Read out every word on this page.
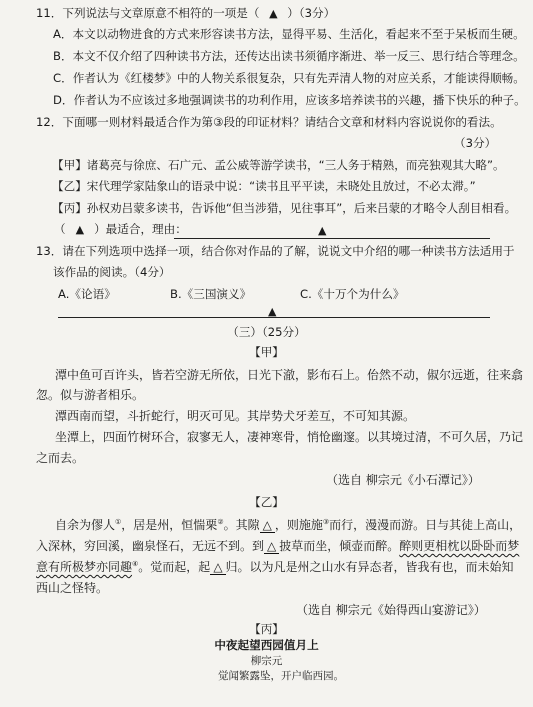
11．下列说法与文章原意不相符的一项是（ ▲ ）（3分）
A．本文以动物进食的方式来形容读书方法，显得平易、生活化，看起来不至于呆板而生硬。
B．本文不仅介绍了四种读书方法，还传达出读书须循序渐进、举一反三、思行结合等理念。
C．作者认为《红楼梦》中的人物关系很复杂，只有先弄清人物的对应关系，才能读得顺畅。
D．作者认为不应该过多地强调读书的功利作用，应该多培养读书的兴趣，播下快乐的种子。
12．下面哪一则材料最适合作为第③段的印证材料？请结合文章和材料内容说说你的看法。
（3分）
【甲】诸葛亮与徐庶、石广元、孟公威等游学读书，“三人务于精熟，而亮独观其大略”。
【乙】宋代理学家陆象山的语录中说：“读书且平平读，未晓处且放过，不必太滞。”
【丙】孙权劝吕蒙多读书，告诉他“但当涉猎，见往事耳”，后来吕蒙的才略令人刮目相看。
（ ▲ ）最适合，理由：	▲
13．请在下列选项中选择一项，结合你对作品的了解，说说文中介绍的哪一种读书方法适用于
该作品的阅读。（4分）
A.《论语》	B.《三国演义》	C.《十万个为什么》
▲
（三）（25分）
【甲】
潭中鱼可百许头，皆若空游无所依，日光下澈，影布石上。佁然不动，俶尔远逝，往来翕
忽。似与游者相乐。
潭西南而望，斗折蛇行，明灭可见。其岸势犬牙差互，不可知其源。
坐潭上，四面竹树环合，寂寥无人，凄神寒骨，悄怆幽邃。以其境过清，不可久居，乃记
之而去。
（选自 柳宗元《小石潭记》）
【乙】
自余为僇人①，居是州，恒惴栗②。其隙 △ ，则施施③而行，漫漫而游。日与其徒上高山，
入深林，穷回溪，幽泉怪石，无远不到。到 △ 披草而坐，倾壶而醉。醉则更相枕以卧卧而梦
意有所极梦亦同趣④。觉而起，起 △ 归。以为凡是州之山水有异态者，皆我有也，而未始知
西山之怪特。
（选自 柳宗元《始得西山宴游记》）
【丙】
中夜起望西园值月上
柳宗元
觉闻繁露坠，开户临西园。
